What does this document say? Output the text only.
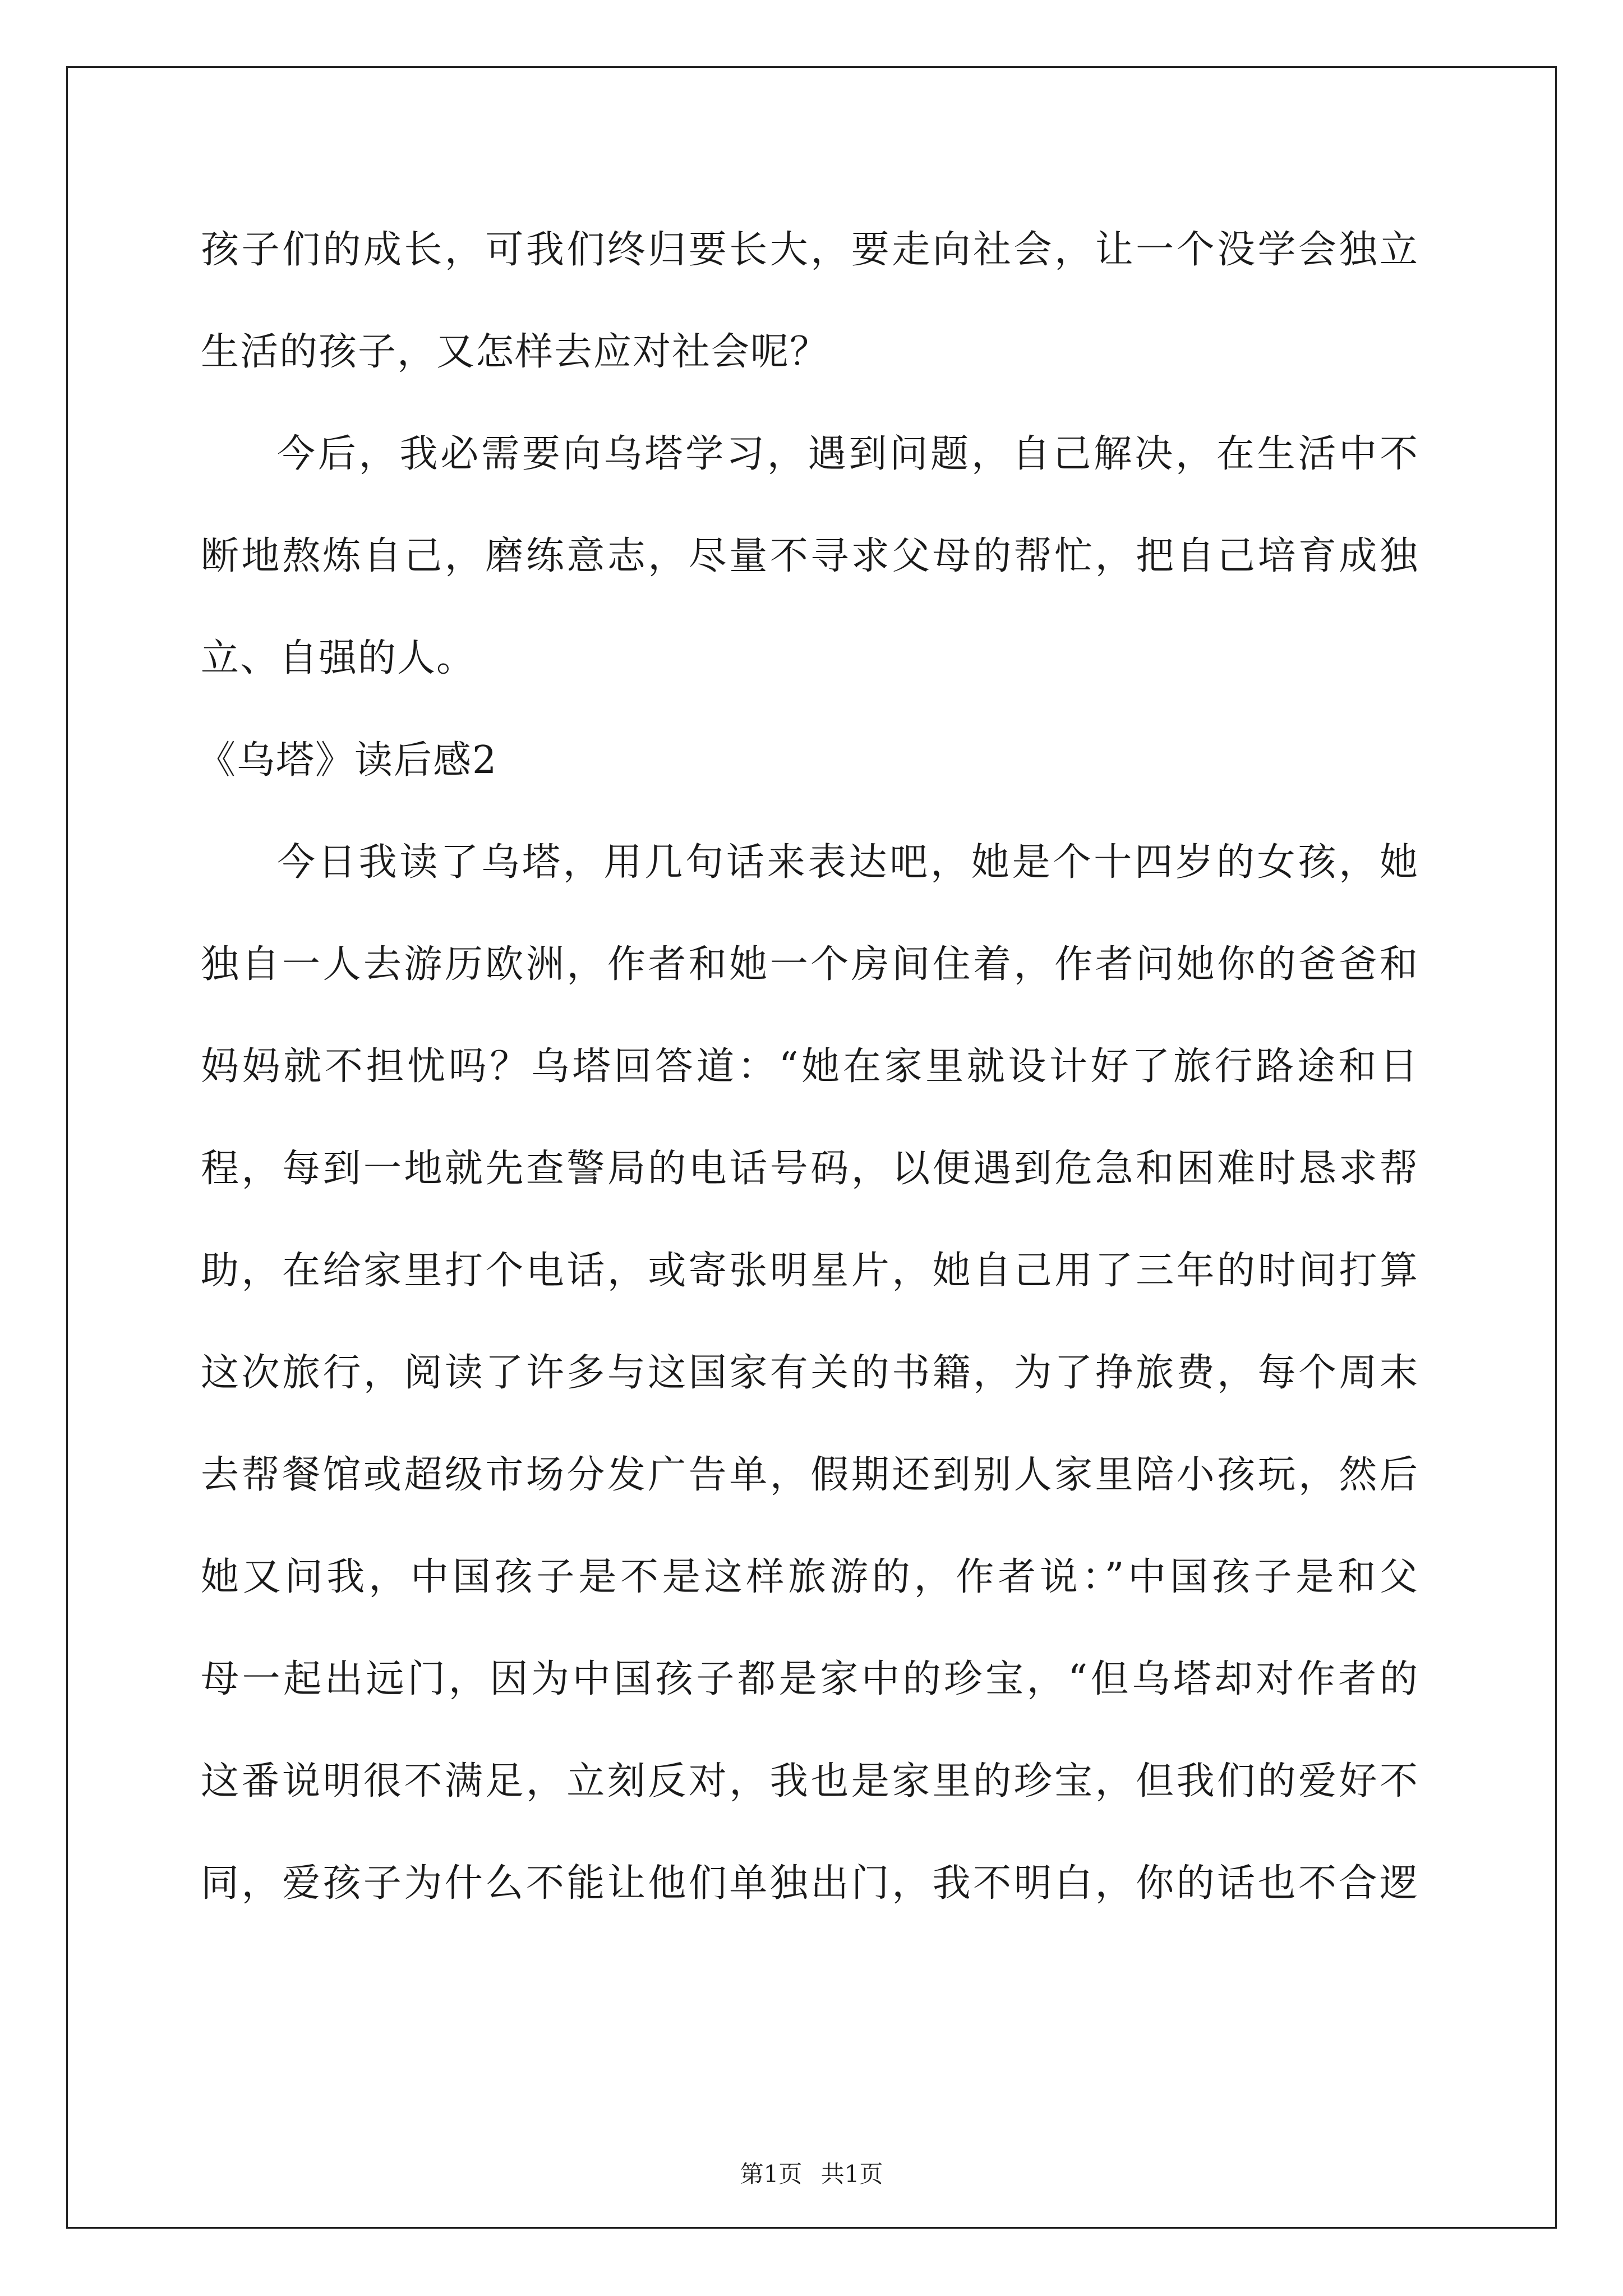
孩子们的成长，可我们终归要长大，要走向社会，让一个没学会独立
生活的孩子，又怎样去应对社会呢？
今后，我必需要向乌塔学习，遇到问题，自己解决，在生活中不
断地熬炼自己，磨练意志，尽量不寻求父母的帮忙，把自己培育成独
立、自强的人。
《乌塔》读后感2
今日我读了乌塔，用几句话来表达吧，她是个十四岁的女孩，她
独自一人去游历欧洲，作者和她一个房间住着，作者问她你的爸爸和
妈妈就不担忧吗？乌塔回答道：“她在家里就设计好了旅行路途和日
程，每到一地就先查警局的电话号码，以便遇到危急和困难时恳求帮
助，在给家里打个电话，或寄张明星片，她自己用了三年的时间打算
这次旅行，阅读了许多与这国家有关的书籍，为了挣旅费，每个周末
去帮餐馆或超级市场分发广告单，假期还到别人家里陪小孩玩，然后
她又问我，中国孩子是不是这样旅游的，作者说：”中国孩子是和父
母一起出远门，因为中国孩子都是家中的珍宝，“但乌塔却对作者的
这番说明很不满足，立刻反对，我也是家里的珍宝，但我们的爱好不
同，爱孩子为什么不能让他们单独出门，我不明白，你的话也不合逻
第1页 共1页
